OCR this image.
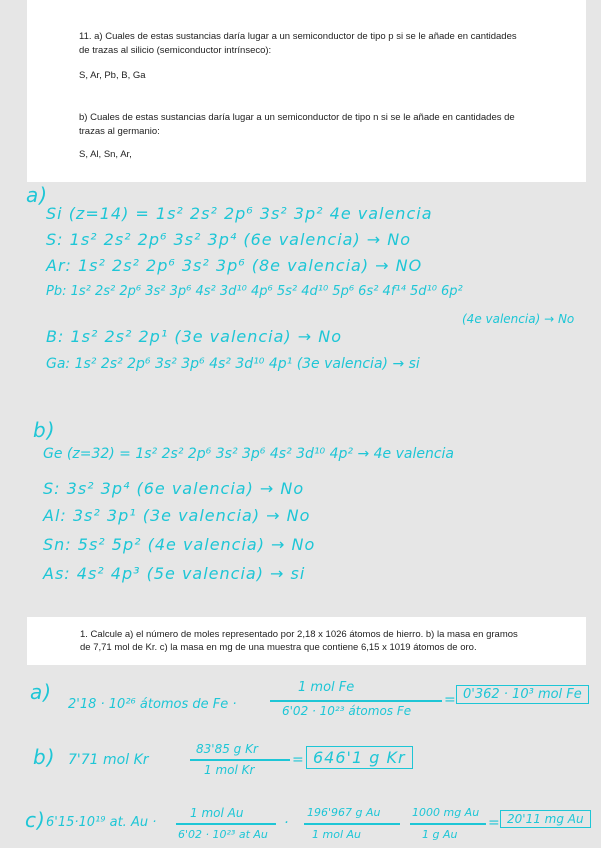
11. a) Cuales de estas sustancias daría lugar a un semiconductor de tipo p si se le añade en cantidades

de trazas al silicio (semiconductor intrínseco):

S, Ar, Pb, B, Ga

b) Cuales de estas sustancias daría lugar a un semiconductor de tipo n si se le añade en cantidades de

trazas al germanio:

S, Al, Sn, Ar,

a)
Si (z=14) = 1s² 2s² 2p⁶ 3s² 3p² 4e valencia
S: 1s² 2s² 2p⁶ 3s² 3p⁴ (6e valencia) → No
Ar: 1s² 2s² 2p⁶ 3s² 3p⁶ (8e valencia) → NO
Pb: 1s² 2s² 2p⁶ 3s² 3p⁶ 4s² 3d¹⁰ 4p⁶ 5s² 4d¹⁰ 5p⁶ 6s² 4f¹⁴ 5d¹⁰ 6p²
(4e valencia) → No
B: 1s² 2s² 2p¹ (3e valencia) → No
Ga: 1s² 2s² 2p⁶ 3s² 3p⁶ 4s² 3d¹⁰ 4p¹ (3e valencia) → si
b)
Ge (z=32) = 1s² 2s² 2p⁶ 3s² 3p⁶ 4s² 3d¹⁰ 4p² → 4e valencia
S: 3s² 3p⁴ (6e valencia) → No
Al: 3s² 3p¹ (3e valencia) → No
Sn: 5s² 5p² (4e valencia) → No
As: 4s² 4p³ (5e valencia) → si

1. Calcule a) el número de moles representado por 2,18 x 1026 átomos de hierro. b) la masa en gramos

de 7,71 mol de Kr. c) la masa en mg de una muestra que contiene 6,15 x 1019 átomos de oro.

a)
2'18 · 10²⁶ átomos de Fe ·
1 mol Fe
6'02 · 10²³ átomos Fe
= 0'362 · 10³ mol Fe
b) 7'71 mol Kr
83'85 g Kr
1 mol Kr
= 646'1 g Kr
c) 6'15·10¹⁹ at. Au ·
1 mol Au
6'02 · 10²³ at Au
·
196'967 g Au
1 mol Au
1000 mg Au
1 g Au
= 20'11 mg Au
